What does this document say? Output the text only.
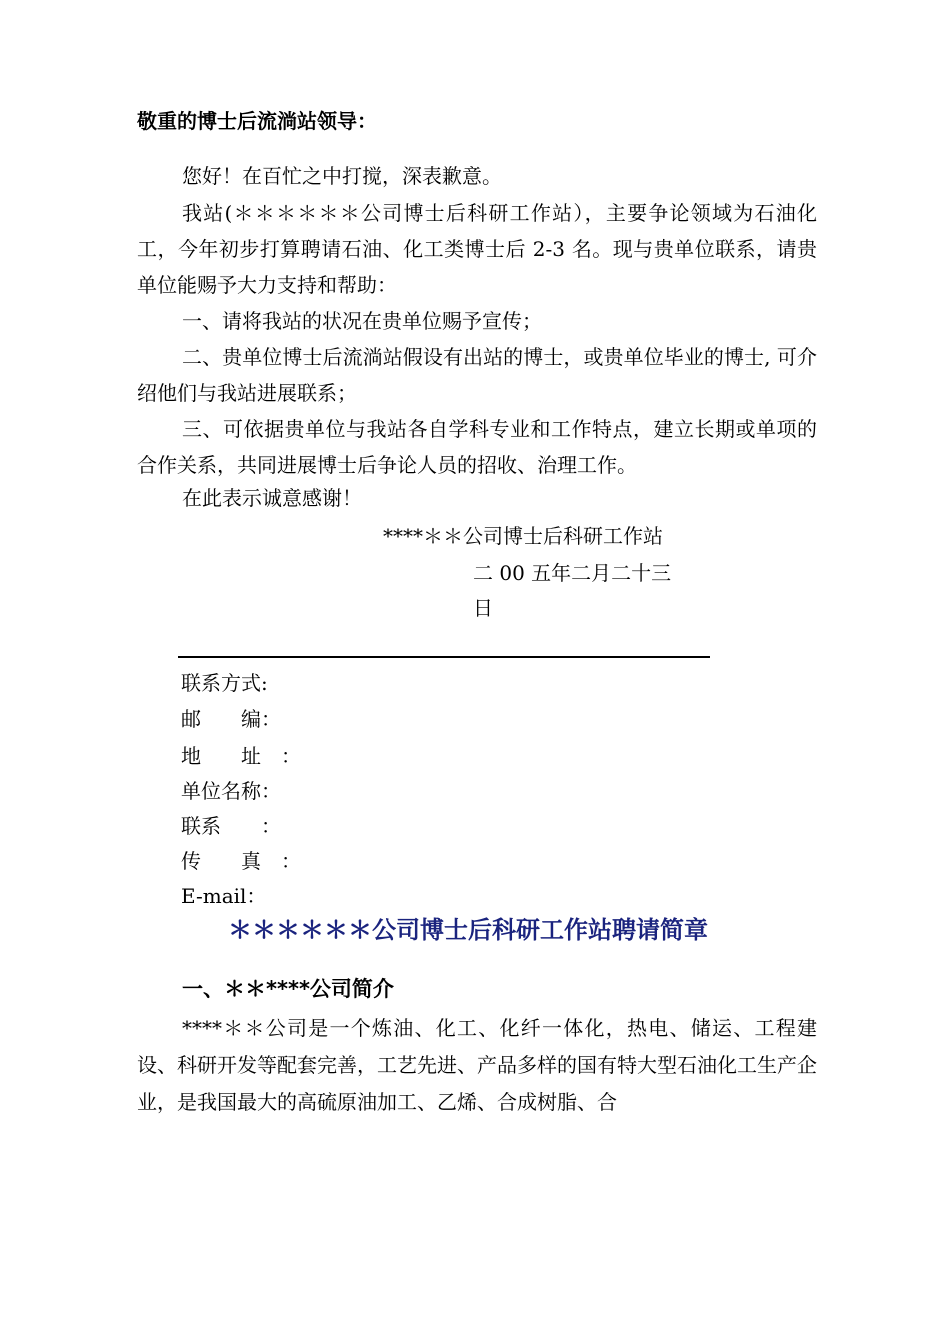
敬重的博士后流淌站领导：
您好！在百忙之中打搅，深表歉意。
我站(＊＊＊＊＊＊公司博士后科研工作站），主要争论领域为石油化工，今年初步打算聘请石油、化工类博士后 2-3 名。现与贵单位联系，请贵单位能赐予大力支持和帮助：
一、请将我站的状况在贵单位赐予宣传；
二、贵单位博士后流淌站假设有出站的博士，或贵单位毕业的博士, 可介绍他们与我站进展联系；
三、可依据贵单位与我站各自学科专业和工作特点，建立长期或单项的合作关系，共同进展博士后争论人员的招收、治理工作。
在此表示诚意感谢！
****＊＊公司博士后科研工作站
二 00 五年二月二十三
日
联系方式:
邮　　编：
地　　址　：
单位名称：
联系　　：
传　　真　：
E-mail：
＊＊＊＊＊＊公司博士后科研工作站聘请简章
一、＊＊****公司简介
****＊＊公司是一个炼油、化工、化纤一体化，热电、储运、工程建设、科研开发等配套完善，工艺先进、产品多样的国有特大型石油化工生产企业，是我国最大的高硫原油加工、乙烯、合成树脂、合
